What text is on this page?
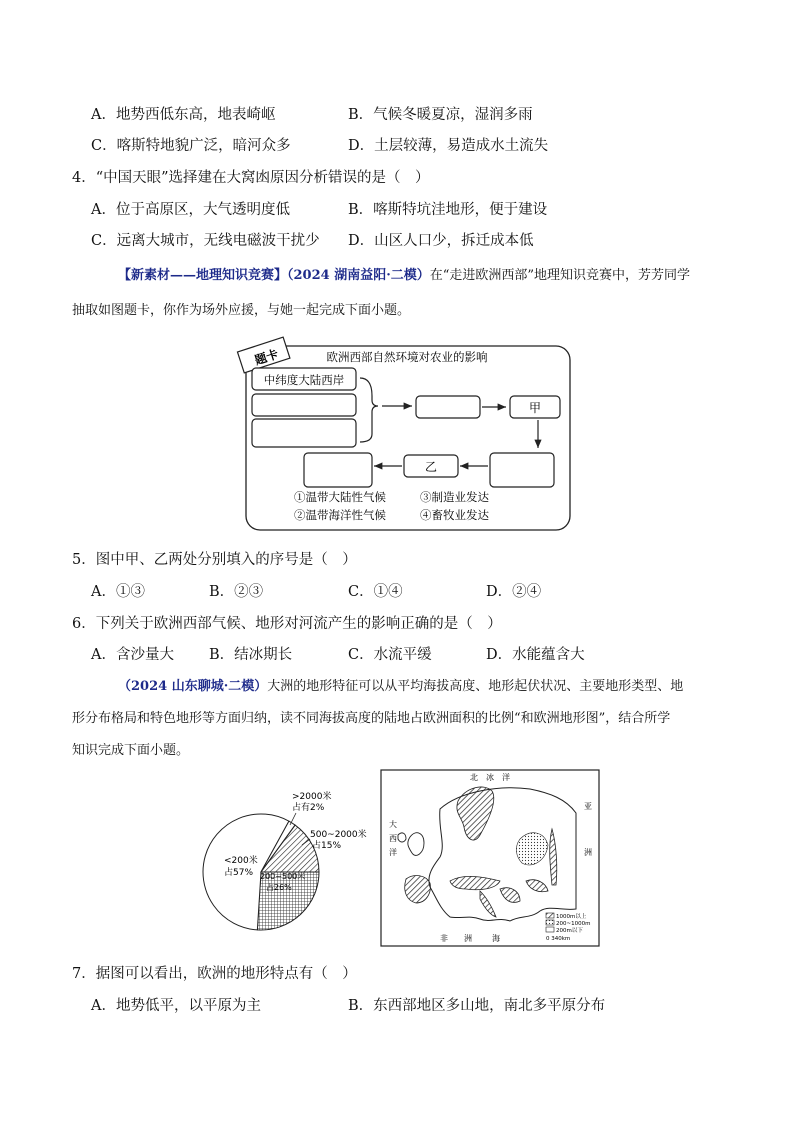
A．地势西低东高，地表崎岖	B．气候冬暖夏凉，湿润多雨
C．喀斯特地貌广泛，暗河众多	D．土层较薄，易造成水土流失
4．“中国天眼”选择建在大窝凼原因分析错误的是（　）
A．位于高原区，大气透明度低	B．喀斯特坑洼地形，便于建设
C．远离大城市，无线电磁波干扰少 D．山区人口少，拆迁成本低
【新素材——地理知识竞赛】（2024 湖南益阳·二模）在“走进欧洲西部”地理知识竞赛中，芳芳同学
抽取如图题卡，你作为场外应援，与她一起完成下面小题。
题卡	欧洲西部自然环境对农业的影响
中纬度大陆西岸
甲
乙
①温带大陆性气候	③制造业发达
②温带海洋性气候	④畜牧业发达
5．图中甲、乙两处分别填入的序号是（　）
A．①③	B．②③	C．①④	D．②④
6．下列关于欧洲西部气候、地形对河流产生的影响正确的是（　）
A．含沙量大 B．结冰期长	C．水流平缓	D．水能蕴含大
（2024 山东聊城·二模）大洲的地形特征可以从平均海拔高度、地形起伏状况、主要地形类型、地
形分布格局和特色地形等方面归纳，读不同海拔高度的陆地占欧洲面积的比例“和欧洲地形图”，结合所学
知识完成下面小题。
<200米
占57% 200~500米
占26%
500~2000米
占15%
>2000米
占有2%
北　冰　洋
大
西
洋
亚
洲
非　　洲	海
1000m以上
200~1000m
200m以下
0 340km
7．据图可以看出，欧洲的地形特点有（　）
A．地势低平，以平原为主	B．东西部地区多山地，南北多平原分布
